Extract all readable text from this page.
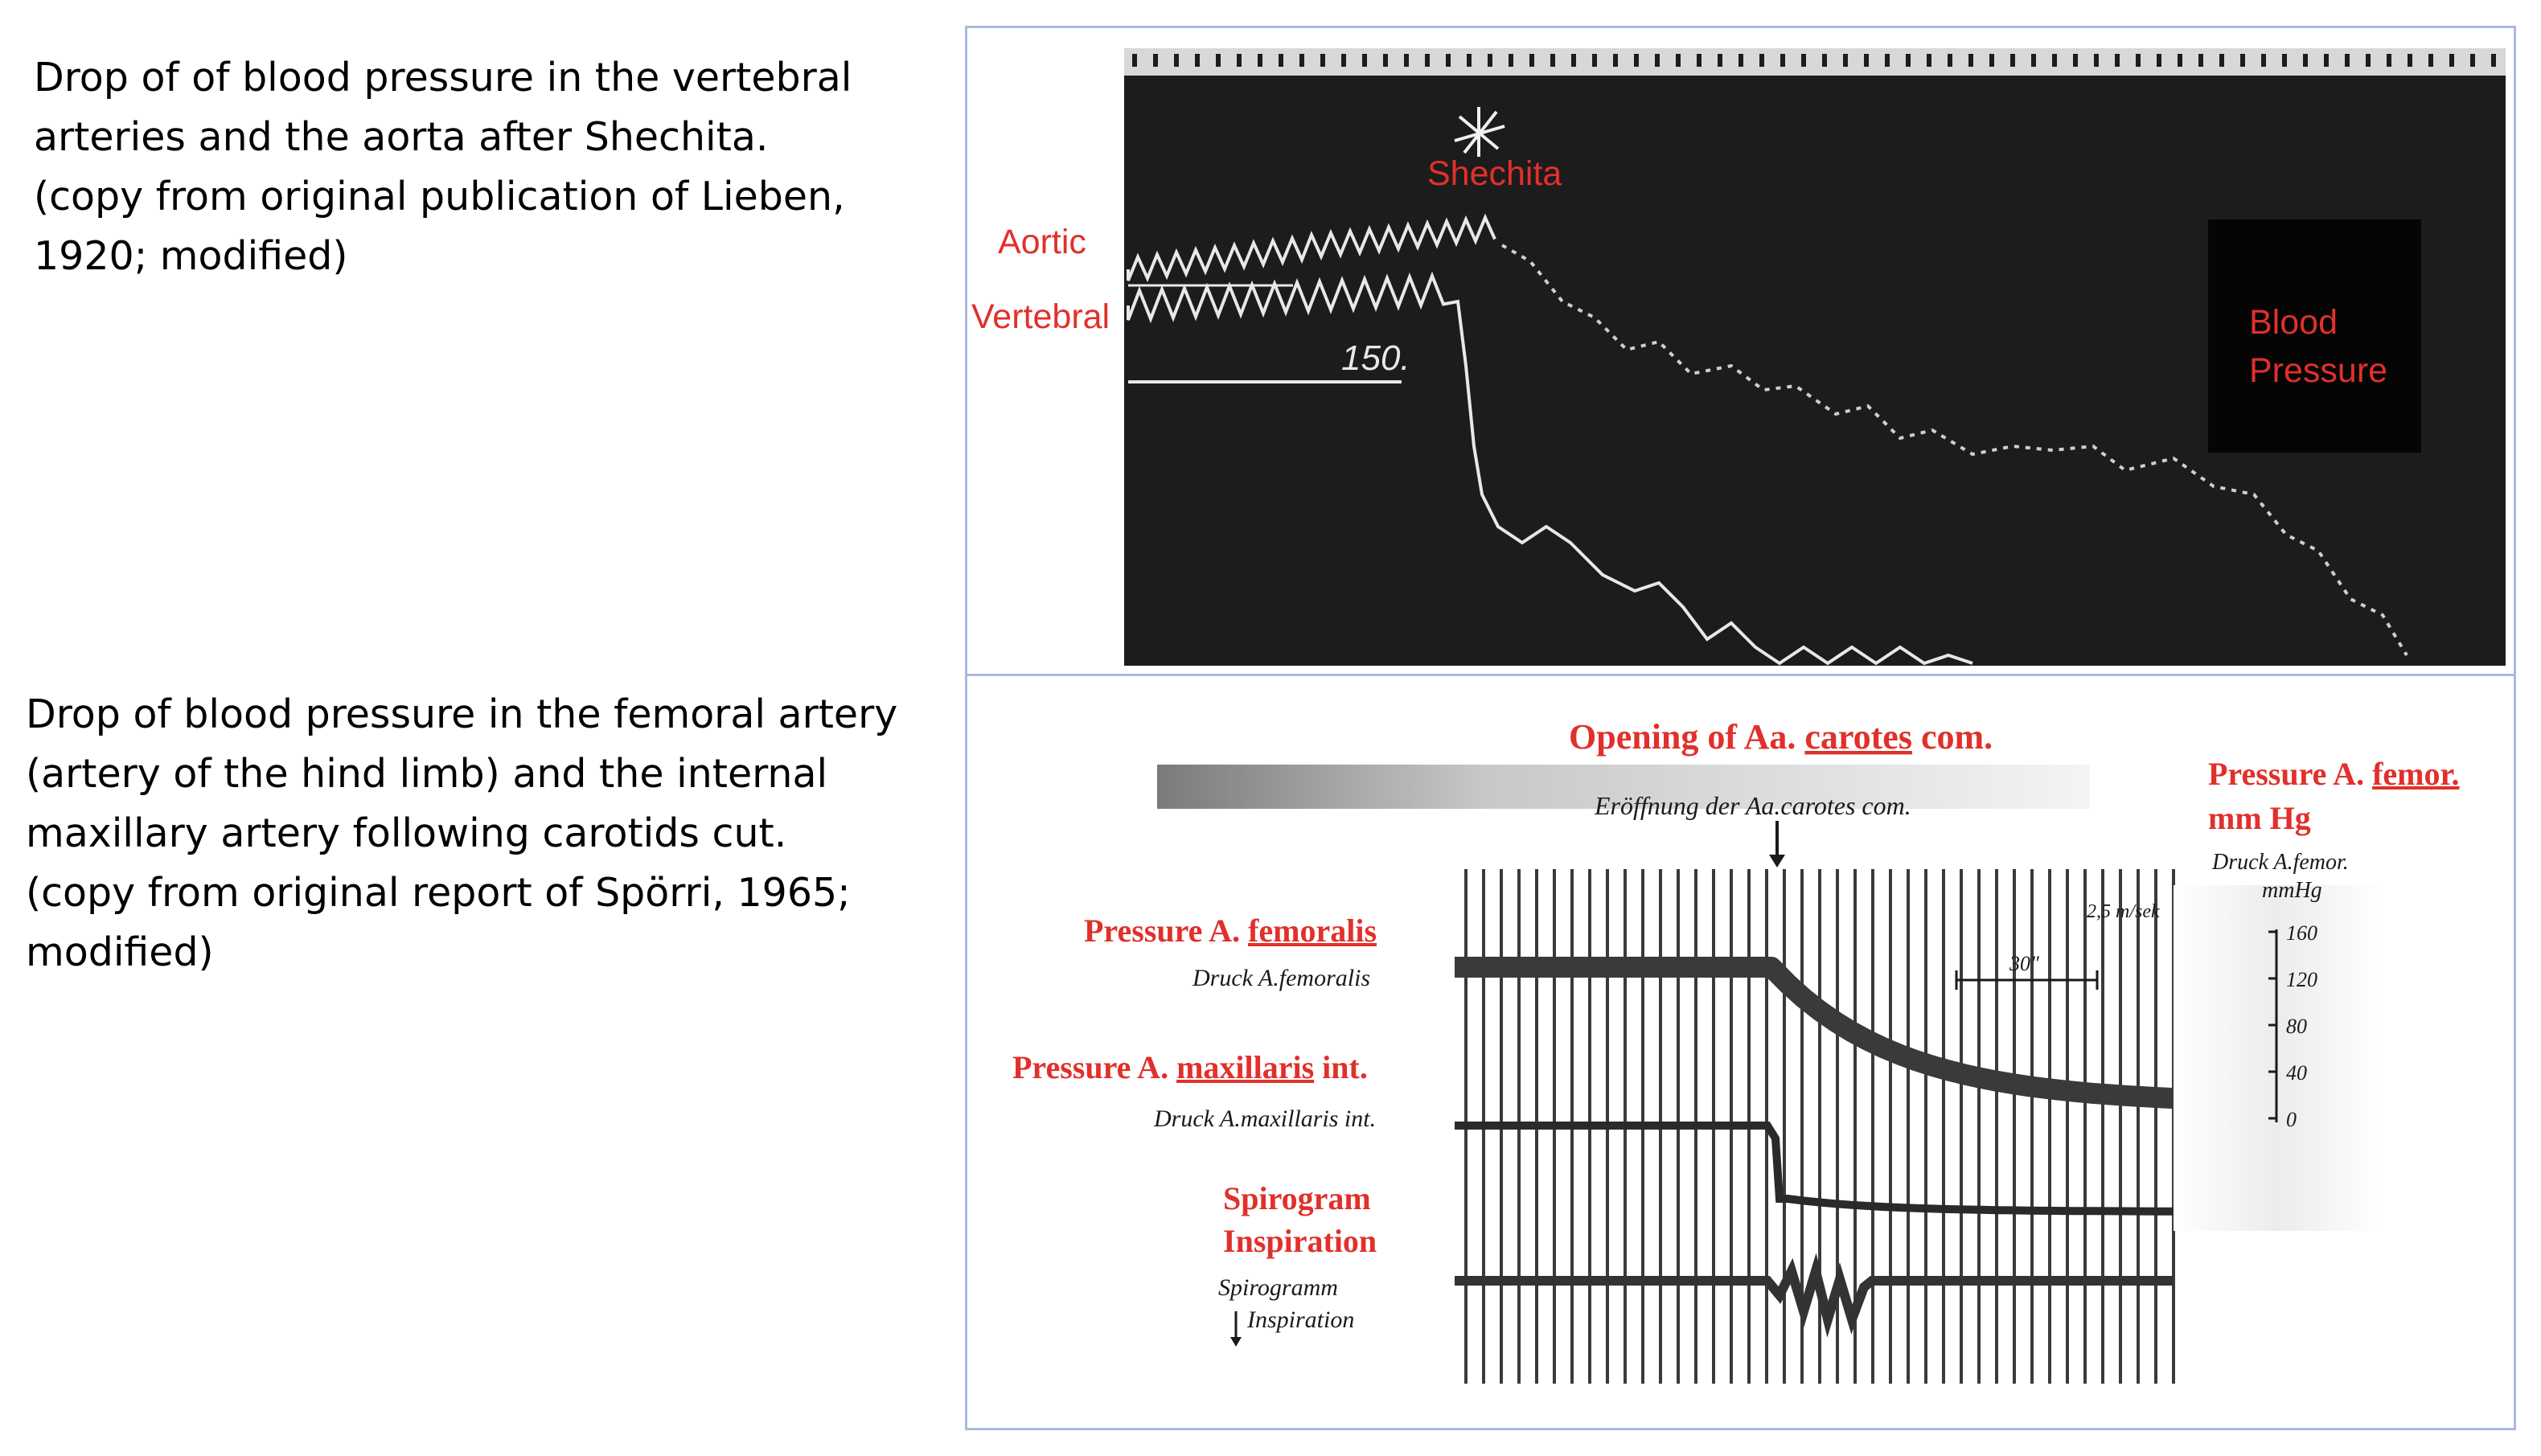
Drop of of blood pressure in the vertebral
arteries and the aorta after Shechita.
(copy from original publication of Lieben,
1920; modified)
Drop of blood pressure in the femoral artery
(artery of the hind limb) and the internal
maxillary artery following carotids cut.
(copy from original report of Spörri, 1965;
modified)
150.
Shechita
Aortic
Vertebral	Blood
Pressure
Opening of Aa. carotes com.
Eröffnung der Aa.carotes com.
30"
2,5 m/sek
Pressure A. femoralis
Druck A.femoralis
Pressure A. maxillaris int.
Druck A.maxillaris int.
Spirogram
Inspiration
Spirogramm
Inspiration
Pressure A. femor.
mm Hg
Druck A.femor.
mmHg
160
120
80
40
0
